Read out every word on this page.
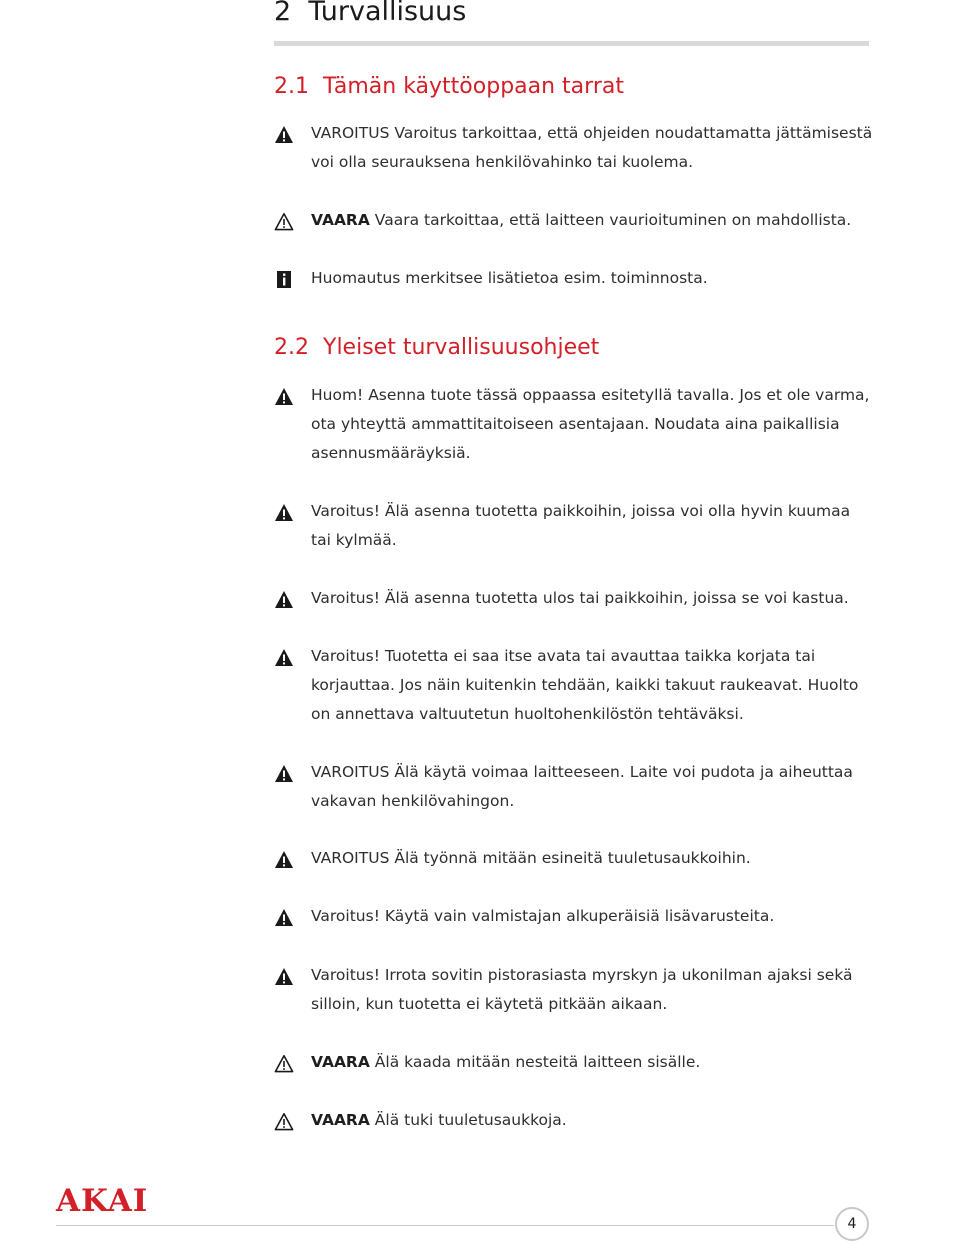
2 Turvallisuus
2.1 Tämän käyttöoppaan tarrat

VAROITUS Varoitus tarkoittaa, että ohjeiden noudattamatta jättämisestä voi olla seurauksena henkilövahinko tai kuolema.

VAARA Vaara tarkoittaa, että laitteen vaurioituminen on mahdollista.

Huomautus merkitsee lisätietoa esim. toiminnosta.

2.2 Yleiset turvallisuusohjeet

Huom! Asenna tuote tässä oppaassa esitetyllä tavalla. Jos et ole varma, ota yhteyttä ammattitaitoiseen asentajaan. Noudata aina paikallisia asennusmääräyksiä.

Varoitus! Älä asenna tuotetta paikkoihin, joissa voi olla hyvin kuumaa tai kylmää.

Varoitus! Älä asenna tuotetta ulos tai paikkoihin, joissa se voi kastua.

Varoitus! Tuotetta ei saa itse avata tai avauttaa taikka korjata tai korjauttaa. Jos näin kuitenkin tehdään, kaikki takuut raukeavat. Huolto on annettava valtuutetun huoltohenkilöstön tehtäväksi.

VAROITUS Älä käytä voimaa laitteeseen. Laite voi pudota ja aiheuttaa vakavan henkilövahingon.

VAROITUS Älä työnnä mitään esineitä tuuletusaukkoihin.

Varoitus! Käytä vain valmistajan alkuperäisiä lisävarusteita.

Varoitus! Irrota sovitin pistorasiasta myrskyn ja ukonilman ajaksi sekä silloin, kun tuotetta ei käytetä pitkään aikaan.

VAARA Älä kaada mitään nesteitä laitteen sisälle.

VAARA Älä tuki tuuletusaukkoja.

AKAI
4
